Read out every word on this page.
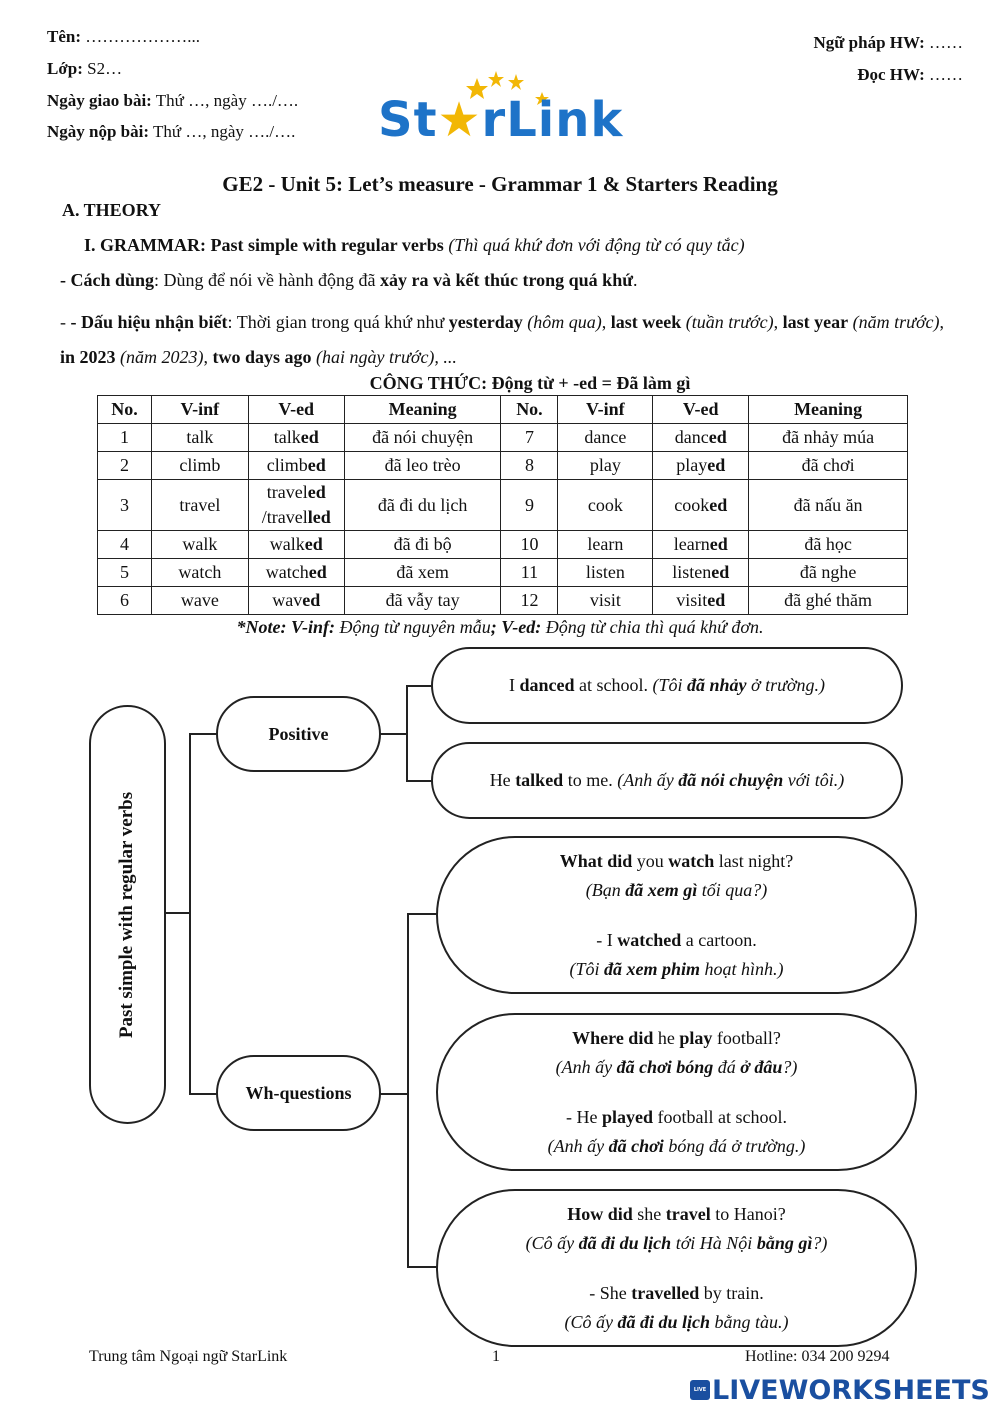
Tên: ………………...
Lớp: S2…
Ngày giao bài: Thứ …, ngày …./….
Ngày nộp bài: Thứ …, ngày …./….
Ngữ pháp HW: ……
Đọc HW: ……
St★rLink
GE2 - Unit 5: Let’s measure - Grammar 1 & Starters Reading
A. THEORY
I. GRAMMAR: Past simple with regular verbs (Thì quá khứ đơn với động từ có quy tắc)
- Cách dùng: Dùng để nói về hành động đã xảy ra và kết thúc trong quá khứ.
- - Dấu hiệu nhận biết: Thời gian trong quá khứ như yesterday (hôm qua), last week (tuần trước), last year (năm trước), in 2023 (năm 2023), two days ago (hai ngày trước), ...
CÔNG THỨC: Động từ + -ed = Đã làm gì
No.	V-inf	V-ed	Meaning	No.	V-inf	V-ed	Meaning
1	talk	talked	đã nói chuyện	7	dance	danced	đã nhảy múa
2	climb	climbed	đã leo trèo	8	play	played	đã chơi
3	travel	traveled
/travelled	đã đi du lịch	9	cook	cooked	đã nấu ăn
4	walk	walked	đã đi bộ	10	learn	learned	đã học
5	watch	watched	đã xem	11	listen	listened	đã nghe
6	wave	waved	đã vẫy tay	12	visit	visited	đã ghé thăm
*Note: V-inf: Động từ nguyên mẫu; V-ed: Động từ chia thì quá khứ đơn.
Past simple with regular verbs
Positive
Wh-questions
I danced at school. (Tôi đã nhảy ở trường.)
He talked to me. (Anh ấy đã nói chuyện với tôi.)
What did you watch last night?
(Bạn đã xem gì tối qua?)
- I watched a cartoon.
(Tôi đã xem phim hoạt hình.)
Where did he play football?
(Anh ấy đã chơi bóng đá ở đâu?)
- He played football at school.
(Anh ấy đã chơi bóng đá ở trường.)
How did she travel to Hanoi?
(Cô ấy đã đi du lịch tới Hà Nội bằng gì?)
- She travelled by train.
(Cô ấy đã đi du lịch bằng tàu.)
Trung tâm Ngoại ngữ StarLink	1	Hotline: 034 200 9294
LIVE LIVEWORKSHEETS
